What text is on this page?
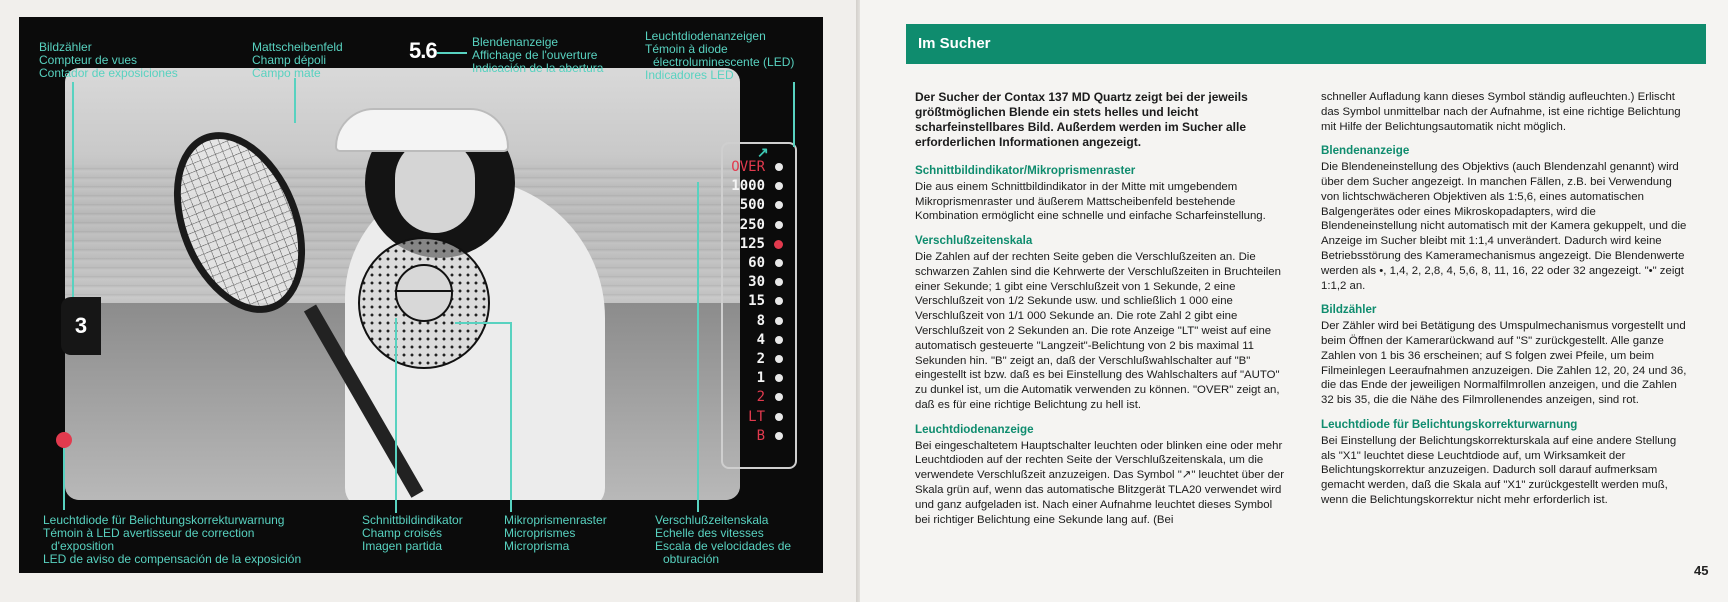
5.6
↗
OVER
1000
500
250
125
60
30
15
8
4
2
1
2
LT
B
3
Bildzähler
Compteur de vues
Contador de exposiciones
Mattscheibenfeld
Champ dépoli
Campo mate
Blendenanzeige
Affichage de l'ouverture
Indicación de la abertura
Leuchtdiodenanzeigen
Témoin à diode
électroluminescente (LED)
Indicadores LED
Leuchtdiode für Belichtungskorrekturwarnung
Témoin à LED avertisseur de correction
d'exposition
LED de aviso de compensación de la exposición
Schnittbildindikator
Champ croisés
Imagen partida
Mikroprismenraster
Microprismes
Microprisma
Verschlußzeitenskala
Echelle des vitesses
Escala de velocidades de
obturación
Im Sucher

Der Sucher der Contax 137 MD Quartz zeigt bei der jeweils größtmöglichen Blende ein stets helles und leicht scharfeinstellbares Bild. Außerdem werden im Sucher alle erforderlichen Informationen angezeigt.

Schnittbildindikator/Mikroprismenraster

Die aus einem Schnittbildindikator in der Mitte mit umgebendem Mikroprismenraster und äußerem Mattscheibenfeld bestehende Kombination ermöglicht eine schnelle und einfache Scharfeinstellung.

Verschlußzeitenskala

Die Zahlen auf der rechten Seite geben die Verschlußzeiten an. Die schwarzen Zahlen sind die Kehrwerte der Verschlußzeiten in Bruchteilen einer Sekunde; 1 gibt eine Verschlußzeit von 1 Sekunde, 2 eine Verschlußzeit von 1/2 Sekunde usw. und schließlich 1 000 eine Verschlußzeit von 1/1 000 Sekunde an. Die rote Zahl 2 gibt eine Verschlußzeit von 2 Sekunden an. Die rote Anzeige "LT" weist auf eine automatisch gesteuerte "Langzeit"-Belichtung von 2 bis maximal 11 Sekunden hin. "B" zeigt an, daß der Verschlußwahlschalter auf "B" eingestellt ist bzw. daß es bei Einstellung des Wahlschalters auf "AUTO" zu dunkel ist, um die Automatik verwenden zu können. "OVER" zeigt an, daß es für eine richtige Belichtung zu hell ist.

Leuchtdiodenanzeige

Bei eingeschaltetem Hauptschalter leuchten oder blinken eine oder mehr Leuchtdioden auf der rechten Seite der Verschlußzeitenskala, um die verwendete Verschlußzeit anzuzeigen. Das Symbol "↗" leuchtet über der Skala grün auf, wenn das automatische Blitzgerät TLA20 verwendet wird und ganz aufgeladen ist. Nach einer Aufnahme leuchtet dieses Symbol bei richtiger Belichtung eine Sekunde lang auf. (Bei

schneller Aufladung kann dieses Symbol ständig aufleuchten.) Erlischt das Symbol unmittelbar nach der Aufnahme, ist eine richtige Belichtung mit Hilfe der Belichtungsautomatik nicht möglich.

Blendenanzeige

Die Blendeneinstellung des Objektivs (auch Blendenzahl genannt) wird über dem Sucher angezeigt. In manchen Fällen, z.B. bei Verwendung von lichtschwächeren Objektiven als 1:5,6, eines automatischen Balgengerätes oder eines Mikroskopadapters, wird die Blendeneinstellung nicht automatisch mit der Kamera gekuppelt, und die Anzeige im Sucher bleibt mit 1:1,4 unverändert. Dadurch wird keine Betriebsstörung des Kameramechanismus angezeigt. Die Blendenwerte werden als •, 1,4, 2, 2,8, 4, 5,6, 8, 11, 16, 22 oder 32 angezeigt. "•" zeigt 1:1,2 an.

Bildzähler

Der Zähler wird bei Betätigung des Umspulmechanismus vorgestellt und beim Öffnen der Kamerarückwand auf "S" zurückgestellt. Alle ganze Zahlen von 1 bis 36 erscheinen; auf S folgen zwei Pfeile, um beim Filmeinlegen Leeraufnahmen anzuzeigen. Die Zahlen 12, 20, 24 und 36, die das Ende der jeweiligen Normalfilmrollen anzeigen, und die Zahlen 32 bis 35, die die Nähe des Filmrollenendes anzeigen, sind rot.

Leuchtdiode für Belichtungskorrekturwarnung

Bei Einstellung der Belichtungskorrekturskala auf eine andere Stellung als "X1" leuchtet diese Leuchtdiode auf, um Wirksamkeit der Belichtungskorrektur anzuzeigen. Dadurch soll darauf aufmerksam gemacht werden, daß die Skala auf "X1" zurückgestellt werden muß, wenn die Belichtungskorrektur nicht mehr erforderlich ist.

45
